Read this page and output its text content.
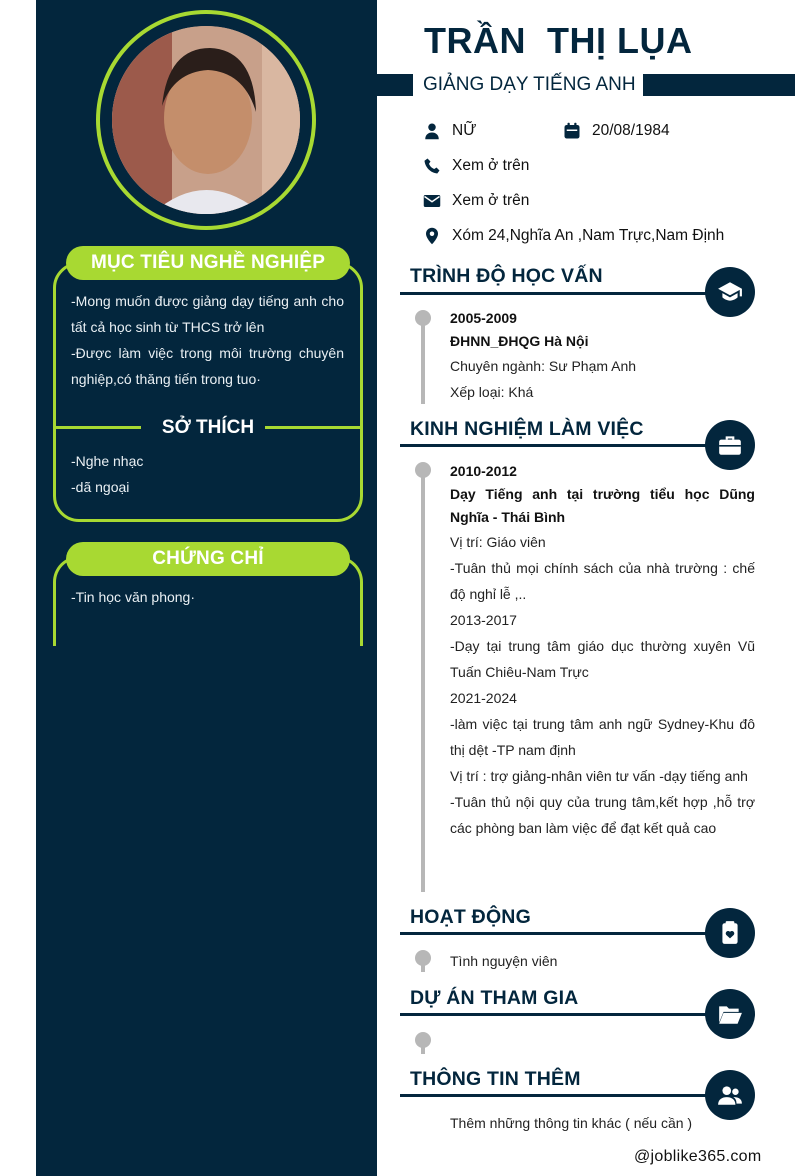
MỤC TIÊU NGHỀ NGHIỆP
-Mong muốn được giảng dạy tiếng anh cho tất cả học sinh từ THCS trở lên
-Được làm việc trong môi trường chuyên nghiệp,có thăng tiến trong tuo·
SỞ THÍCH
-Nghe nhạc
-dã ngoại
CHỨNG CHỈ
-Tin học văn phong·
TRẦN  THỊ LỤA
GIẢNG DẠY TIẾNG ANH
NỮ	20/08/1984
Xem ở trên
Xem ở trên
Xóm 24,Nghĩa An ,Nam Trực,Nam Định
TRÌNH ĐỘ HỌC VẤN
2005-2009
ĐHNN_ĐHQG Hà Nội
Chuyên ngành: Sư Phạm Anh
Xếp loại: Khá
KINH NGHIỆM LÀM VIỆC
2010-2012
Dạy Tiếng anh tại trường tiểu học Dũng Nghĩa - Thái Bình
Vị trí: Giáo viên
-Tuân thủ mọi chính sách của nhà trường : chế độ nghỉ lễ ,..
2013-2017
-Dạy tại trung tâm giáo dục thường xuyên Vũ Tuấn Chiêu-Nam Trực
2021-2024
-làm việc tại trung tâm anh ngữ Sydney-Khu đô thị dệt -TP nam định
Vị trí : trợ giảng-nhân viên tư vấn -dạy tiếng anh
-Tuân thủ nội quy của trung tâm,kết hợp ,hỗ trợ các phòng ban làm việc để đạt kết quả cao
HOẠT ĐỘNG
Tình nguyện viên
DỰ ÁN THAM GIA
THÔNG TIN THÊM
Thêm những thông tin khác ( nếu cần )
@joblike365.com
